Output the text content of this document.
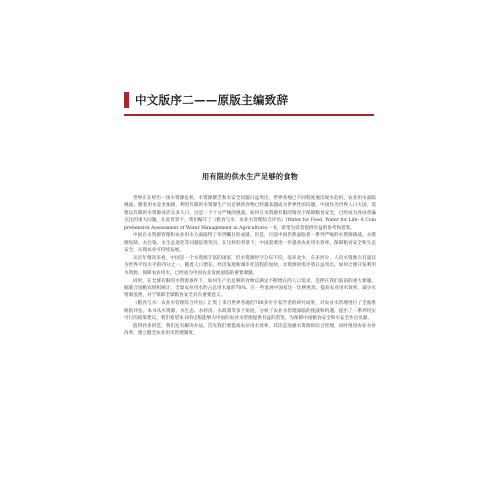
中文版序二——原版主编致辞
用有限的供水生产足够的食物

世界正在经历一场水资源危机，水资源匮乏和水安全问题日益突出，世界各地已不同程度地出现水危机，农业用水面临挑战。随着用水竞争加剧，利用有限的水资源生产出足够的食物已经越来越成为世界性的问题。中国作为世界人口大国，需要以有限的水资源养活众多人口，这是一个十分严峻的挑战。如何在水资源有限的情况下保障粮食安全，已经成为各国普遍关注的重大问题。在此背景下，我们编写了《粮食与水：农业水管理综合评估》(Water for Food, Water for Life: A Comprehensive Assessment of Water Management in Agriculture)一书，希望为读者提供有益的参考和借鉴。

中国在水资源管理和农业用水方面取得了举世瞩目的成就。但是，目前中国仍然面临着一系列严峻的水资源挑战，水资源短缺、水污染、水生态退化等问题依然突出。在这样的背景下，中国需要进一步提高农业用水效率，保障粮食安全和生态安全，实现农业可持续发展。

从近年情况来看，中国是一个水资源丰富的国家，但水资源时空分布不均，南多北少，东多西少，人均水资源占有量仅为世界平均水平的四分之一。随着人口增长、经济发展和城市化进程的加快，水资源供需矛盾日益突出。如何合理开发利用水资源，保障农业用水，已经成为中国农业发展面临的重要课题。

同时，在全球有限的水资源条件下，如何生产出足够的食物以满足不断增长的人口需求，是摆在我们面前的重大课题。据联合国粮农组织统计，全球农业用水约占总用水量的70%，在一些发展中国家这一比例更高。提高农业用水效率，减少水资源浪费，对于保障全球粮食安全具有重要意义。

《粮食与水：农业水管理综合评估》汇集了来自世界各地的700多位专家学者的研究成果，对农业水管理进行了全面系统的评估。本书从水资源、水生态、水经济、水政策等多个角度，分析了农业水管理面临的挑战和机遇，提出了一系列切实可行的政策建议。我们希望本书的出版能够为中国的农业水管理提供有益的借鉴，为保障中国粮食安全和水安全作出贡献。

值得欣喜的是，我们还有解决办法。首先我们要提高农业用水效率，其次是加强水资源的综合管理，同时推进农业水价改革，建立健全农业用水管理制度。
